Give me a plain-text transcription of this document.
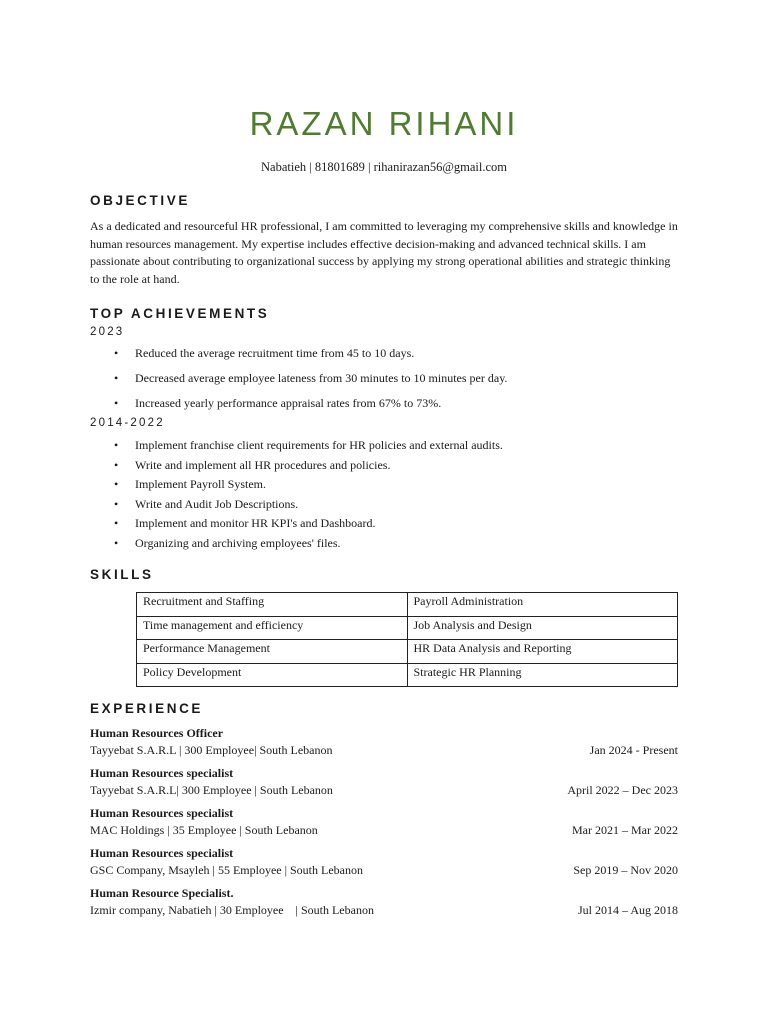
RAZAN RIHANI
Nabatieh | 81801689 | rihanirazan56@gmail.com
OBJECTIVE
As a dedicated and resourceful HR professional, I am committed to leveraging my comprehensive skills and knowledge in human resources management. My expertise includes effective decision-making and advanced technical skills. I am passionate about contributing to organizational success by applying my strong operational abilities and strategic thinking to the role at hand.
TOP ACHIEVEMENTS
2023
• Reduced the average recruitment time from 45 to 10 days.
• Decreased average employee lateness from 30 minutes to 10 minutes per day.
• Increased yearly performance appraisal rates from 67% to 73%.
2014-2022
• Implement franchise client requirements for HR policies and external audits.
• Write and implement all HR procedures and policies.
• Implement Payroll System.
• Write and Audit Job Descriptions.
• Implement and monitor HR KPI's and Dashboard.
• Organizing and archiving employees' files.
SKILLS
Recruitment and Staffing	Payroll Administration
Time management and efficiency	Job Analysis and Design
Performance Management	HR Data Analysis and Reporting
Policy Development	Strategic HR Planning
EXPERIENCE
Human Resources Officer
Tayyebat S.A.R.L | 300 Employee| South Lebanon	Jan 2024 - Present
Human Resources specialist
Tayyebat S.A.R.L| 300 Employee | South Lebanon	April 2022 – Dec 2023
Human Resources specialist
MAC Holdings | 35 Employee | South Lebanon	Mar 2021 – Mar 2022
Human Resources specialist
GSC Company, Msayleh | 55 Employee | South Lebanon	Sep 2019 – Nov 2020
Human Resource Specialist.
Izmir company, Nabatieh | 30 Employee    | South Lebanon	Jul 2014 – Aug 2018
